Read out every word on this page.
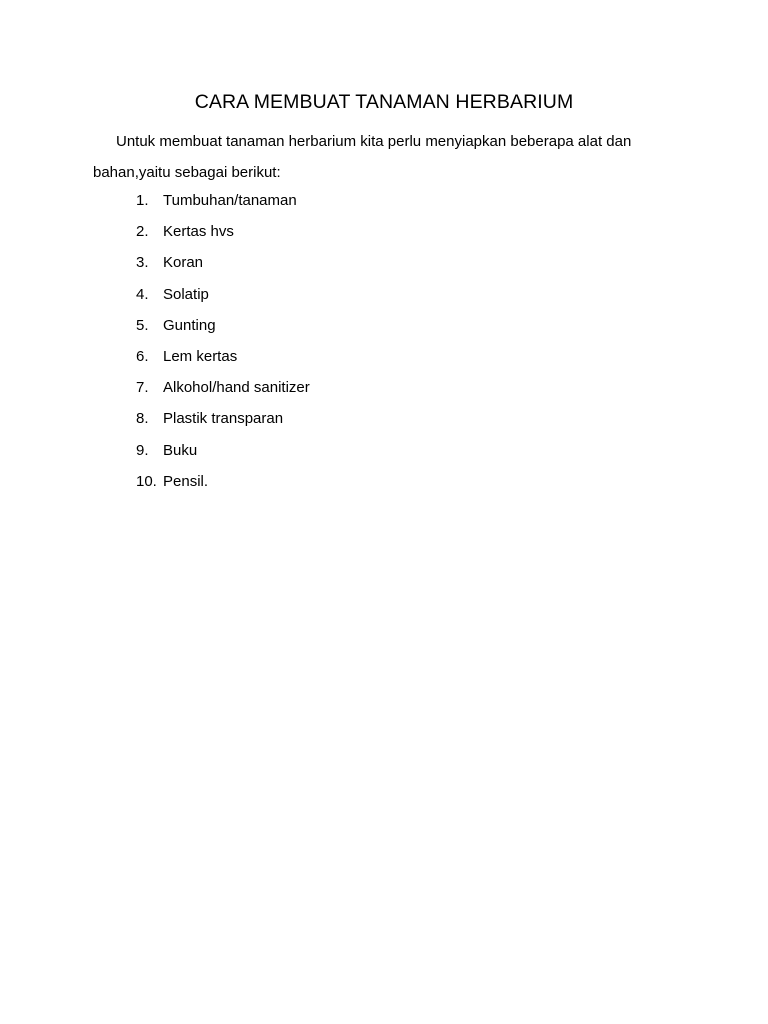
CARA MEMBUAT TANAMAN HERBARIUM

Untuk membuat tanaman herbarium kita perlu menyiapkan beberapa alat dan bahan,yaitu sebagai berikut:

1. Tumbuhan/tanaman
2. Kertas hvs
3. Koran
4. Solatip
5. Gunting
6. Lem kertas
7. Alkohol/hand sanitizer
8. Plastik transparan
9. Buku
10. Pensil.
